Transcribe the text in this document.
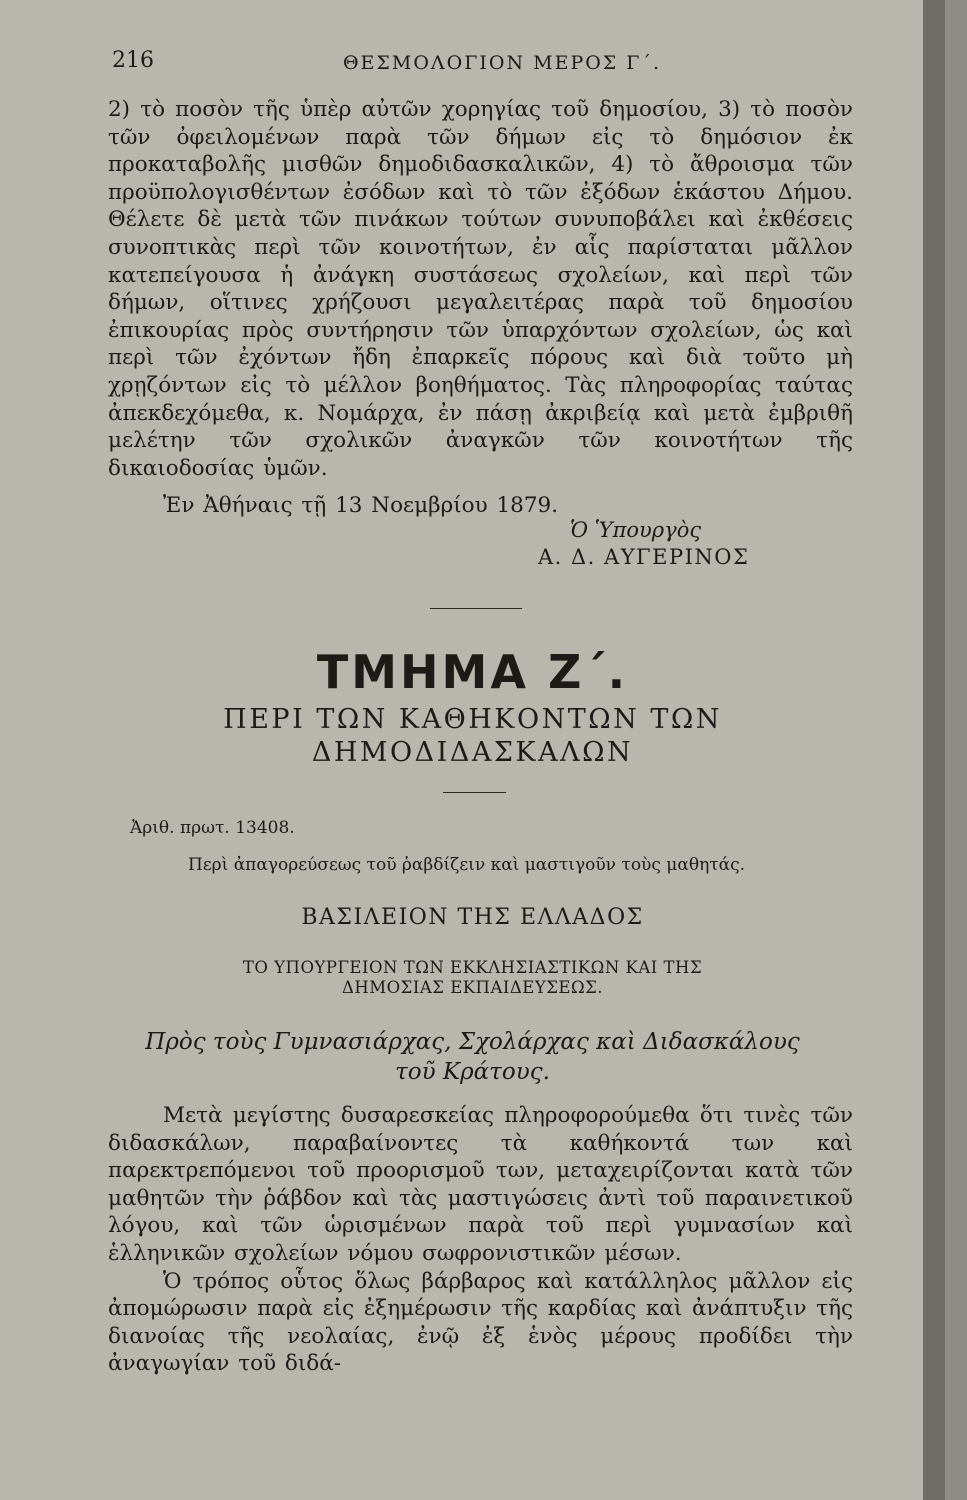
216	ΘΕΣΜΟΛΟΓΙΟΝ ΜΕΡΟΣ Γ΄.

2) τὸ ποσὸν τῆς ὑπὲρ αὐτῶν χορηγίας τοῦ δημοσίου, 3) τὸ ποσὸν τῶν ὀφειλομένων παρὰ τῶν δήμων εἰς τὸ δημόσιον ἐκ προκαταβολῆς μισθῶν δημοδιδασκαλικῶν, 4) τὸ ἄθροισμα τῶν προϋπολογισθέντων ἐσόδων καὶ τὸ τῶν ἐξόδων ἑκάστου Δήμου. Θέλετε δὲ μετὰ τῶν πινάκων τούτων συνυποβάλει καὶ ἐκθέσεις συνοπτικὰς περὶ τῶν κοινοτήτων, ἐν αἷς παρίσταται μᾶλλον κατεπείγουσα ἡ ἀνάγκη συστάσεως σχολείων, καὶ περὶ τῶν δήμων, οἵτινες χρήζουσι μεγαλειτέρας παρὰ τοῦ δημοσίου ἐπικουρίας πρὸς συντήρησιν τῶν ὑπαρχόντων σχολείων, ὡς καὶ περὶ τῶν ἐχόντων ἤδη ἐπαρκεῖς πόρους καὶ διὰ τοῦτο μὴ χρῃζόντων εἰς τὸ μέλλον βοηθήματος. Τὰς πληροφορίας ταύτας ἀπεκδεχόμεθα, κ. Νομάρχα, ἐν πάσῃ ἀκριβείᾳ καὶ μετὰ ἐμβριθῆ μελέτην τῶν σχολικῶν ἀναγκῶν τῶν κοινοτήτων τῆς δικαιοδοσίας ὑμῶν.

Ἐν Ἀθήναις τῇ 13 Νοεμβρίου 1879.

Ὁ Ὑπουργὸς
Α. Δ. ΑΥΓΕΡΙΝΟΣ
ΤΜΗΜΑ Ζ΄.
ΠΕΡΙ ΤΩΝ ΚΑΘΗΚΟΝΤΩΝ ΤΩΝ
ΔΗΜΟΔΙΔΑΣΚΑΛΩΝ
Ἀριθ. πρωτ. 13408.
Περὶ ἀπαγορεύσεως τοῦ ῥαβδίζειν καὶ μαστιγοῦν τοὺς μαθητάς.
ΒΑΣΙΛΕΙΟΝ ΤΗΣ ΕΛΛΑΔΟΣ
ΤΟ ΥΠΟΥΡΓΕΙΟΝ ΤΩΝ ΕΚΚΛΗΣΙΑΣΤΙΚΩΝ ΚΑΙ ΤΗΣ
ΔΗΜΟΣΙΑΣ ΕΚΠΑΙΔΕΥΣΕΩΣ.
Πρὸς τοὺς Γυμνασιάρχας, Σχολάρχας καὶ Διδασκάλους
τοῦ Κράτους.

Μετὰ μεγίστης δυσαρεσκείας πληροφορούμεθα ὅτι τινὲς τῶν διδασκάλων, παραβαίνοντες τὰ καθήκοντά των καὶ παρεκτρεπόμενοι τοῦ προορισμοῦ των, μεταχειρίζονται κατὰ τῶν μαθητῶν τὴν ῥάβδον καὶ τὰς μαστιγώσεις ἀντὶ τοῦ παραινετικοῦ λόγου, καὶ τῶν ὡρισμένων παρὰ τοῦ περὶ γυμνασίων καὶ ἑλληνικῶν σχολείων νόμου σωφρονιστικῶν μέσων.

Ὁ τρόπος οὗτος ὅλως βάρβαρος καὶ κατάλληλος μᾶλλον εἰς ἀπομώρωσιν παρὰ εἰς ἐξημέρωσιν τῆς καρδίας καὶ ἀνάπτυξιν τῆς διανοίας τῆς νεολαίας, ἐνῷ ἐξ ἑνὸς μέρους προδίδει τὴν ἀναγωγίαν τοῦ διδά-
